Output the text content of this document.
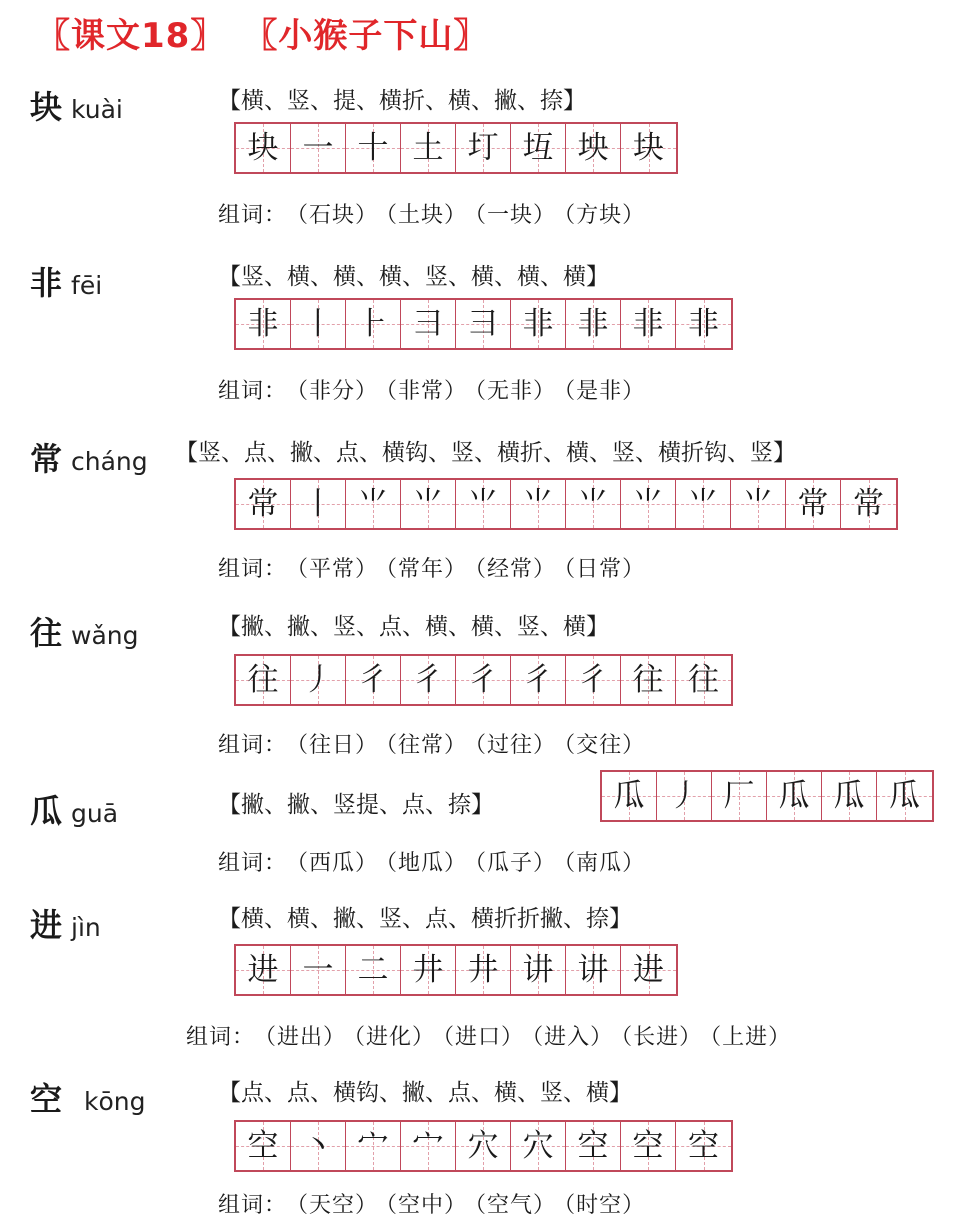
〖课文18〗 〖小猴子下山〗
块 kuài	【横、竖、提、横折、横、撇、捺】
块 一 十 土 圢 坘 坱 块
组词： （石块） （土块） （一块） （方块）
非 fēi	【竖、横、横、横、竖、横、横、横】
非 丨 ⺊ ⺕ ⺕ 非 非 非 非
组词： （非分） （非常） （无非） （是非）
常 cháng 【竖、点、撇、点、横钩、竖、横折、横、竖、横折钩、竖】
常 丨 ⺌ ⺌ ⺌ ⺌ ⺌ ⺌ ⺌ ⺌ 常 常
组词： （平常） （常年） （经常） （日常）
往 wǎng	【撇、撇、竖、点、横、横、竖、横】
往 丿 彳 彳 彳 彳 彳 往 往
组词： （往日） （往常） （过往） （交往）
瓜 guā	【撇、撇、竖提、点、捺】	瓜 丿 厂 瓜 瓜 瓜
组词： （西瓜） （地瓜） （瓜子） （南瓜）
进 jìn	【横、横、撇、竖、点、横折折撇、捺】
进 一 二 井 井 讲 讲 进
组词： （进出） （进化） （进口） （进入） （长进） （上进）
空 kōng	【点、点、横钩、撇、点、横、竖、横】
空 丶 宀 宀 穴 穴 空 空 空
组词： （天空） （空中） （空气） （时空）
